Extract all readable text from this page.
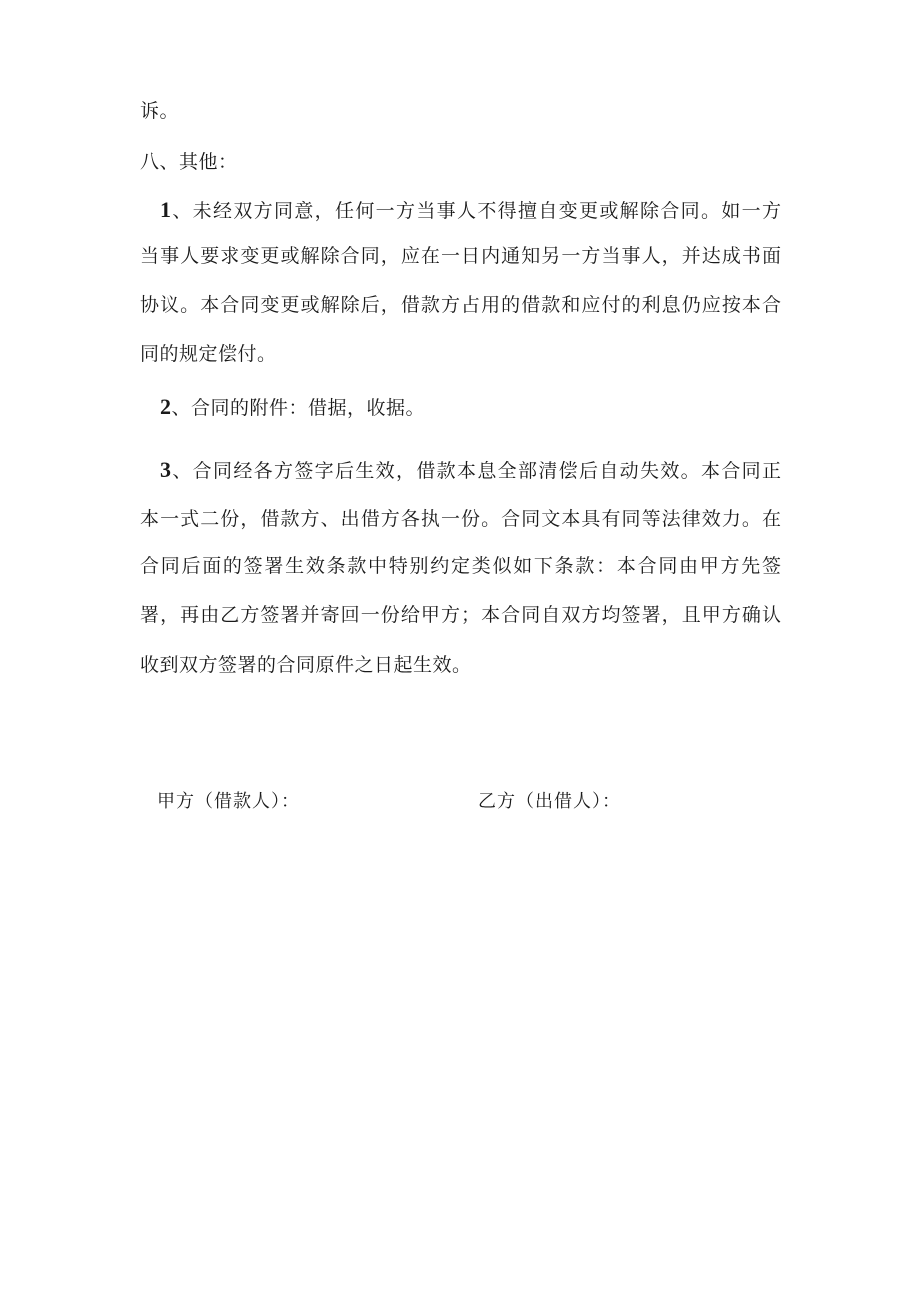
诉。
八、其他：
1、未经双方同意，任何一方当事人不得擅自变更或解除合同。如一方
当事人要求变更或解除合同，应在一日内通知另一方当事人，并达成书面
协议。本合同变更或解除后，借款方占用的借款和应付的利息仍应按本合
同的规定偿付。
2、合同的附件：借据，收据。
3、合同经各方签字后生效，借款本息全部清偿后自动失效。本合同正
本一式二份，借款方、出借方各执一份。合同文本具有同等法律效力。在
合同后面的签署生效条款中特别约定类似如下条款：本合同由甲方先签
署，再由乙方签署并寄回一份给甲方；本合同自双方均签署，且甲方确认
收到双方签署的合同原件之日起生效。
甲方（借款人）：	乙方（出借人）：
